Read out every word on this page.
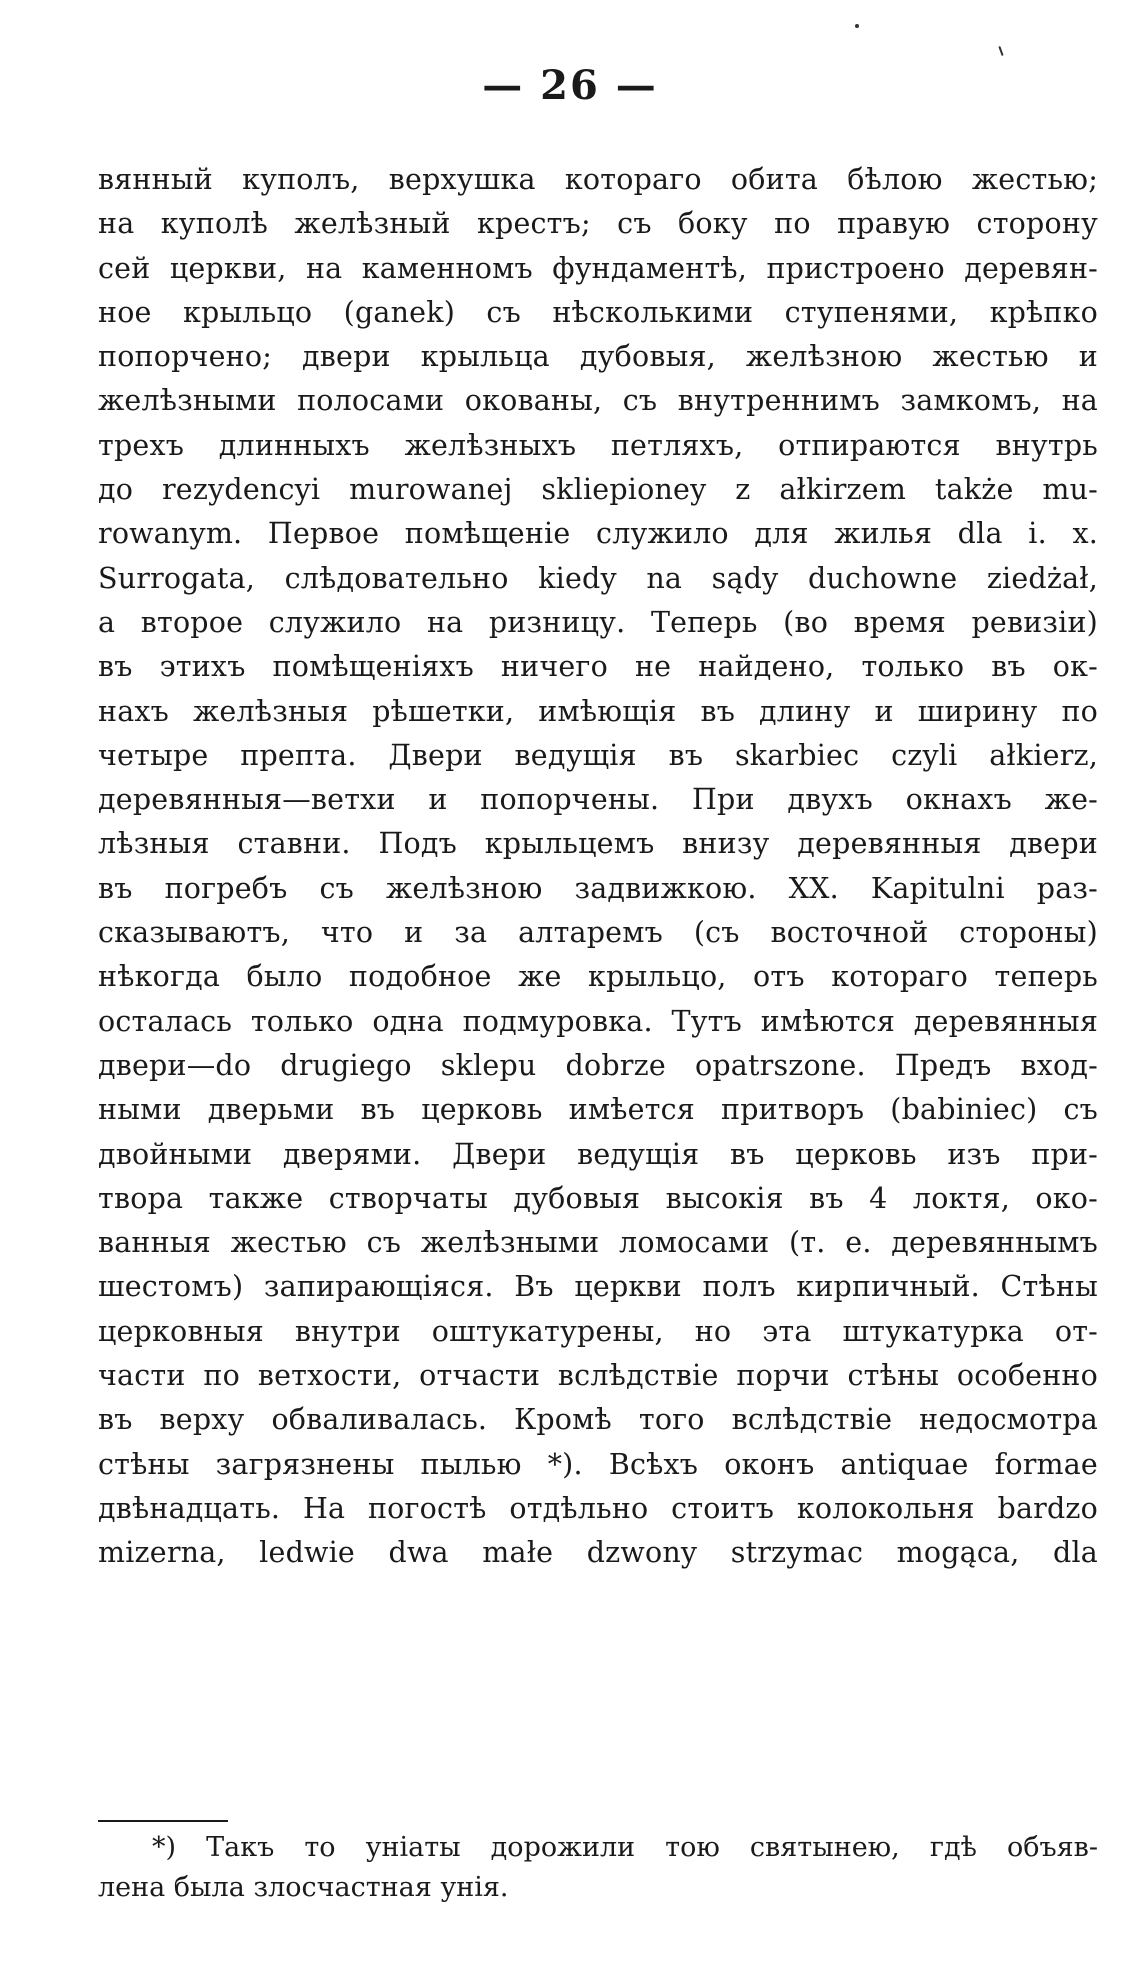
— 26 —
вянный куполъ, верхушка котораго обита бѣлою жестью;
на куполѣ желѣзный крестъ; съ боку по правую сторону
сей церкви, на каменномъ фундаментѣ, пристроено деревян-
ное крыльцо (ganek) съ нѣсколькими ступенями, крѣпко
попорчено; двери крыльца дубовыя, желѣзною жестью и
желѣзными полосами окованы, съ внутреннимъ замкомъ, на
трехъ длинныхъ желѣзныхъ петляхъ, отпираются внутрь
до rezydencyi murowanej sklieрioney z ałkirzem także mu-
rowanym. Первое помѣщенiе служило для жилья dla i. x.
Surrogata, слѣдовательно kiedy na sądy duchowne ziedżał,
а второе служило на ризницу. Теперь (во время ревизiи)
въ этихъ помѣщенiяхъ ничего не найдено, только въ ок-
нахъ желѣзныя рѣшетки, имѣющiя въ длину и ширину по
четыре препта. Двери ведущiя въ skarbiec czyli ałkierz,
деревянныя—ветхи и попорчены. При двухъ окнахъ же-
лѣзныя ставни. Подъ крыльцемъ внизу деревянныя двери
въ погребъ съ желѣзною задвижкою. XX. Kapitulni раз-
сказываютъ, что и за алтаремъ (съ восточной стороны)
нѣкогда было подобное же крыльцо, отъ котораго теперь
осталась только одна подмуровка. Тутъ имѣются деревянныя
двери—do drugiego sklepu dobrze opatrszone. Предъ вход-
ными дверьми въ церковь имѣется притворъ (babiniec) съ
двойными дверями. Двери ведущiя въ церковь изъ при-
твора также створчаты дубовыя высокiя въ 4 локтя, око-
ванныя жестью съ желѣзными ломосами (т. е. деревяннымъ
шестомъ) запирающiяся. Въ церкви полъ кирпичный. Стѣны
церковныя внутри оштукатурены, но эта штукатурка от-
части по ветхости, отчасти вслѣдствiе порчи стѣны особенно
въ верху обваливалась. Кромѣ того вслѣдствiе недосмотра
стѣны загрязнены пылью *). Всѣхъ оконъ antiquae formae
двѣнадцать. На погостѣ отдѣльно стоитъ колокольня bardzo
mizerna, ledwie dwa małe dzwony strzymac mogąca, dla
*) Такъ то унiаты дорожили тою святынею, гдѣ объяв-
лена была злосчастная унiя.
